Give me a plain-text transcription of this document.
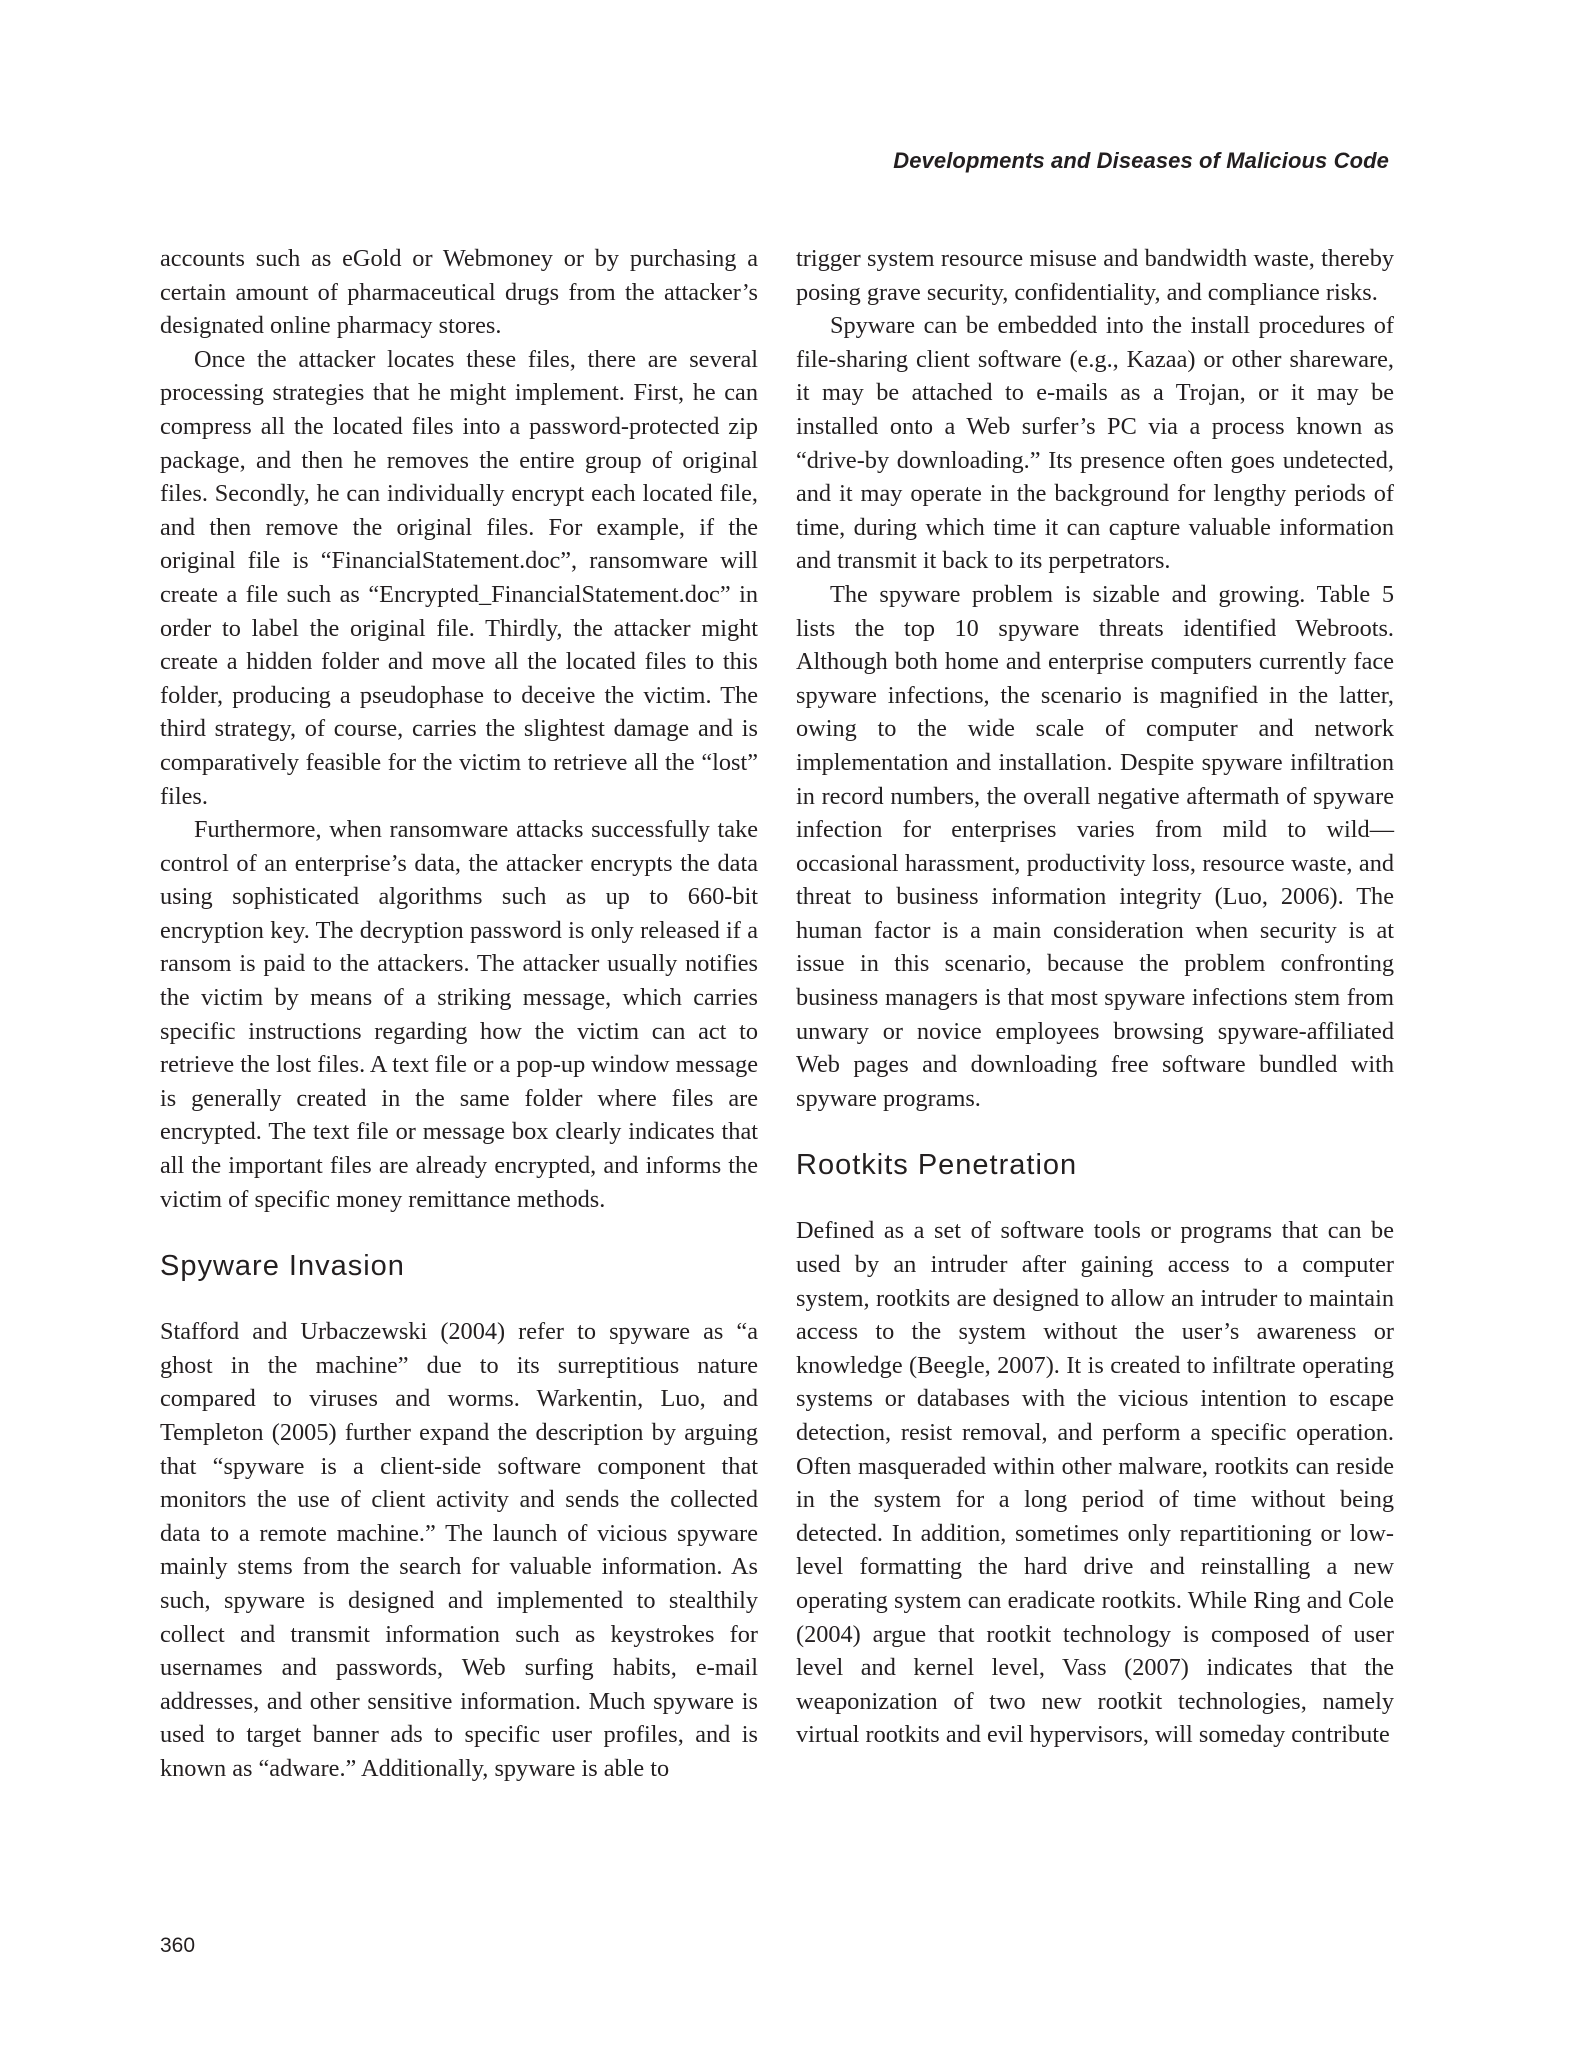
Developments and Diseases of Malicious Code

accounts such as eGold or Webmoney or by purchasing a certain amount of pharmaceutical drugs from the attacker’s designated online pharmacy stores.

Once the attacker locates these files, there are several processing strategies that he might implement. First, he can compress all the located files into a password-protected zip package, and then he removes the entire group of original files. Secondly, he can individually encrypt each located file, and then remove the original files. For example, if the original file is “FinancialStatement.doc”, ransomware will create a file such as “Encrypted_FinancialStatement.doc” in order to label the original file. Thirdly, the attacker might create a hidden folder and move all the located files to this folder, producing a pseudophase to deceive the victim. The third strategy, of course, carries the slightest damage and is comparatively feasible for the victim to retrieve all the “lost” files.

Furthermore, when ransomware attacks successfully take control of an enterprise’s data, the attacker encrypts the data using sophisticated algorithms such as up to 660-bit encryption key. The decryption password is only released if a ransom is paid to the attackers. The attacker usually notifies the victim by means of a striking message, which carries specific instructions regarding how the victim can act to retrieve the lost files. A text file or a pop-up window message is generally created in the same folder where files are encrypted. The text file or message box clearly indicates that all the important files are already encrypted, and informs the victim of specific money remittance methods.

Spyware Invasion

Stafford and Urbaczewski (2004) refer to spyware as “a ghost in the machine” due to its surreptitious nature compared to viruses and worms. Warkentin, Luo, and Templeton (2005) further expand the description by arguing that “spyware is a client-side software component that monitors the use of client activity and sends the collected data to a remote machine.” The launch of vicious spyware mainly stems from the search for valuable information. As such, spyware is designed and implemented to stealthily collect and transmit information such as keystrokes for usernames and passwords, Web surfing habits, e-mail addresses, and other sensitive information. Much spyware is used to target banner ads to specific user profiles, and is known as “adware.” Additionally, spyware is able to

trigger system resource misuse and bandwidth waste, thereby posing grave security, confidentiality, and compliance risks.

Spyware can be embedded into the install procedures of file-sharing client software (e.g., Kazaa) or other shareware, it may be attached to e-mails as a Trojan, or it may be installed onto a Web surfer’s PC via a process known as “drive-by downloading.” Its presence often goes undetected, and it may operate in the background for lengthy periods of time, during which time it can capture valuable information and transmit it back to its perpetrators.

The spyware problem is sizable and growing. Table 5 lists the top 10 spyware threats identified Webroots. Although both home and enterprise computers currently face spyware infections, the scenario is magnified in the latter, owing to the wide scale of computer and network implementation and installation. Despite spyware infiltration in record numbers, the overall negative aftermath of spyware infection for enterprises varies from mild to wild—occasional harassment, productivity loss, resource waste, and threat to business information integrity (Luo, 2006). The human factor is a main consideration when security is at issue in this scenario, because the problem confronting business managers is that most spyware infections stem from unwary or novice employees browsing spyware-affiliated Web pages and downloading free software bundled with spyware programs.

Rootkits Penetration

Defined as a set of software tools or programs that can be used by an intruder after gaining access to a computer system, rootkits are designed to allow an intruder to maintain access to the system without the user’s awareness or knowledge (Beegle, 2007). It is created to infiltrate operating systems or databases with the vicious intention to escape detection, resist removal, and perform a specific operation. Often masqueraded within other malware, rootkits can reside in the system for a long period of time without being detected. In addition, sometimes only repartitioning or low-level formatting the hard drive and reinstalling a new operating system can eradicate rootkits. While Ring and Cole (2004) argue that rootkit technology is composed of user level and kernel level, Vass (2007) indicates that the weaponization of two new rootkit technologies, namely virtual rootkits and evil hypervisors, will someday contribute

360
